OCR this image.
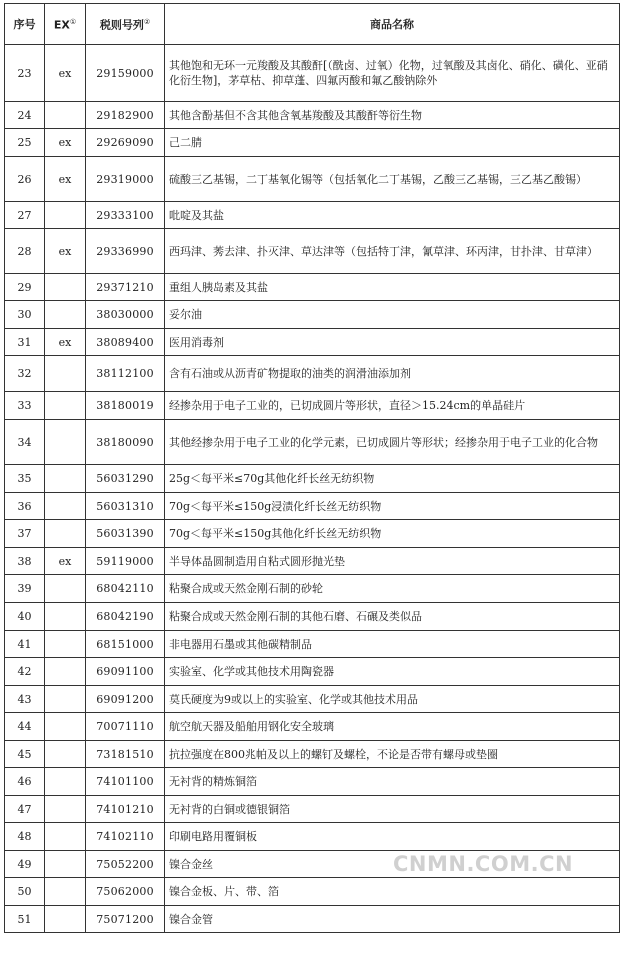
序号	EX①	税则号列②	商品名称
23	ex	29159000	其他饱和无环一元羧酸及其酸酐[（酰卤、过氧）化物，过氧酸及其卤化、硝化、磺化、亚硝化衍生物]，茅草枯、抑草蓬、四氟丙酸和氟乙酸钠除外
24		29182900	其他含酚基但不含其他含氧基羧酸及其酸酐等衍生物
25	ex	29269090	己二腈
26	ex	29319000	硫酸三乙基锡，二丁基氧化锡等（包括氧化二丁基锡，乙酸三乙基锡，三乙基乙酸锡）
27		29333100	吡啶及其盐
28	ex	29336990	西玛津、莠去津、扑灭津、草达津等（包括特丁津，氰草津、环丙津，甘扑津、甘草津）
29		29371210	重组人胰岛素及其盐
30		38030000	妥尔油
31	ex	38089400	医用消毒剂
32		38112100	含有石油或从沥青矿物提取的油类的润滑油添加剂
33		38180019	经掺杂用于电子工业的，已切成圆片等形状，直径＞15.24cm的单晶硅片
34		38180090	其他经掺杂用于电子工业的化学元素，已切成圆片等形状；经掺杂用于电子工业的化合物
35		56031290	25g＜每平米≤70g其他化纤长丝无纺织物
36		56031310	70g＜每平米≤150g浸渍化纤长丝无纺织物
37		56031390	70g＜每平米≤150g其他化纤长丝无纺织物
38	ex	59119000	半导体晶圆制造用自粘式圆形抛光垫
39		68042110	粘聚合成或天然金刚石制的砂轮
40		68042190	粘聚合成或天然金刚石制的其他石磨、石碾及类似品
41		68151000	非电器用石墨或其他碳精制品
42		69091100	实验室、化学或其他技术用陶瓷器
43		69091200	莫氏硬度为9或以上的实验室、化学或其他技术用品
44		70071110	航空航天器及船舶用钢化安全玻璃
45		73181510	抗拉强度在800兆帕及以上的螺钉及螺栓，不论是否带有螺母或垫圈
46		74101100	无衬背的精炼铜箔
47		74101210	无衬背的白铜或德银铜箔
48		74102110	印刷电路用覆铜板
49		75052200	镍合金丝
50		75062000	镍合金板、片、带、箔
51		75071200	镍合金管
CNMN.COM.CN
